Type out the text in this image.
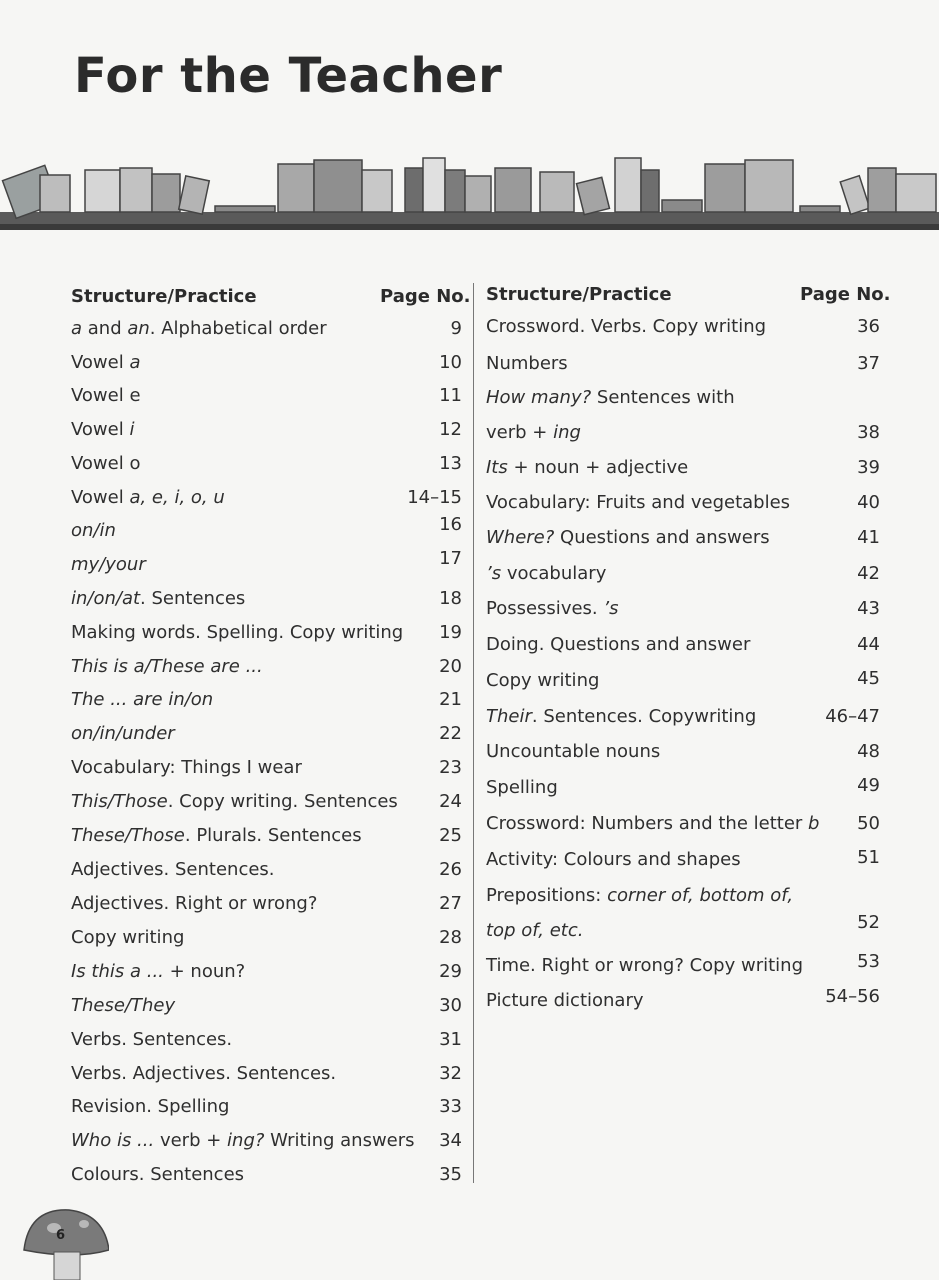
For the Teacher
Structure/Practice	Page No. Structure/Practice	Page No.
a and an. Alphabetical order	9
Vowel a	10
Vowel e	11
Vowel i	12
Vowel o	13
Vowel a, e, i, o, u	14–15
on/in	16
my/your	17
in/on/at. Sentences	18
Making words. Spelling. Copy writing 19
This is a/These are ...	20
The ... are in/on	21
on/in/under	22
Vocabulary: Things I wear	23
This/Those. Copy writing. Sentences 24
These/Those. Plurals. Sentences	25
Adjectives. Sentences.	26
Adjectives. Right or wrong?	27
Copy writing	28
Is this a ... + noun?	29
These/They	30
Verbs. Sentences.	31
Verbs. Adjectives. Sentences.	32
Revision. Spelling	33
Who is ... verb + ing? Writing answers 34
Colours. Sentences	35
Crossword. Verbs. Copy writing	36
Numbers	37
How many? Sentences with
verb + ing	38
Its + noun + adjective	39
Vocabulary: Fruits and vegetables	40
Where? Questions and answers	41
’s vocabulary	42
Possessives. ’s	43
Doing. Questions and answer	44
Copy writing	45
Their. Sentences. Copywriting	46–47
Uncountable nouns	48
Spelling	49
Crossword: Numbers and the letter b 50
Activity: Colours and shapes	51
Prepositions: corner of, bottom of,
top of, etc.	52
Time. Right or wrong? Copy writing	53
Picture dictionary	54–56
6
